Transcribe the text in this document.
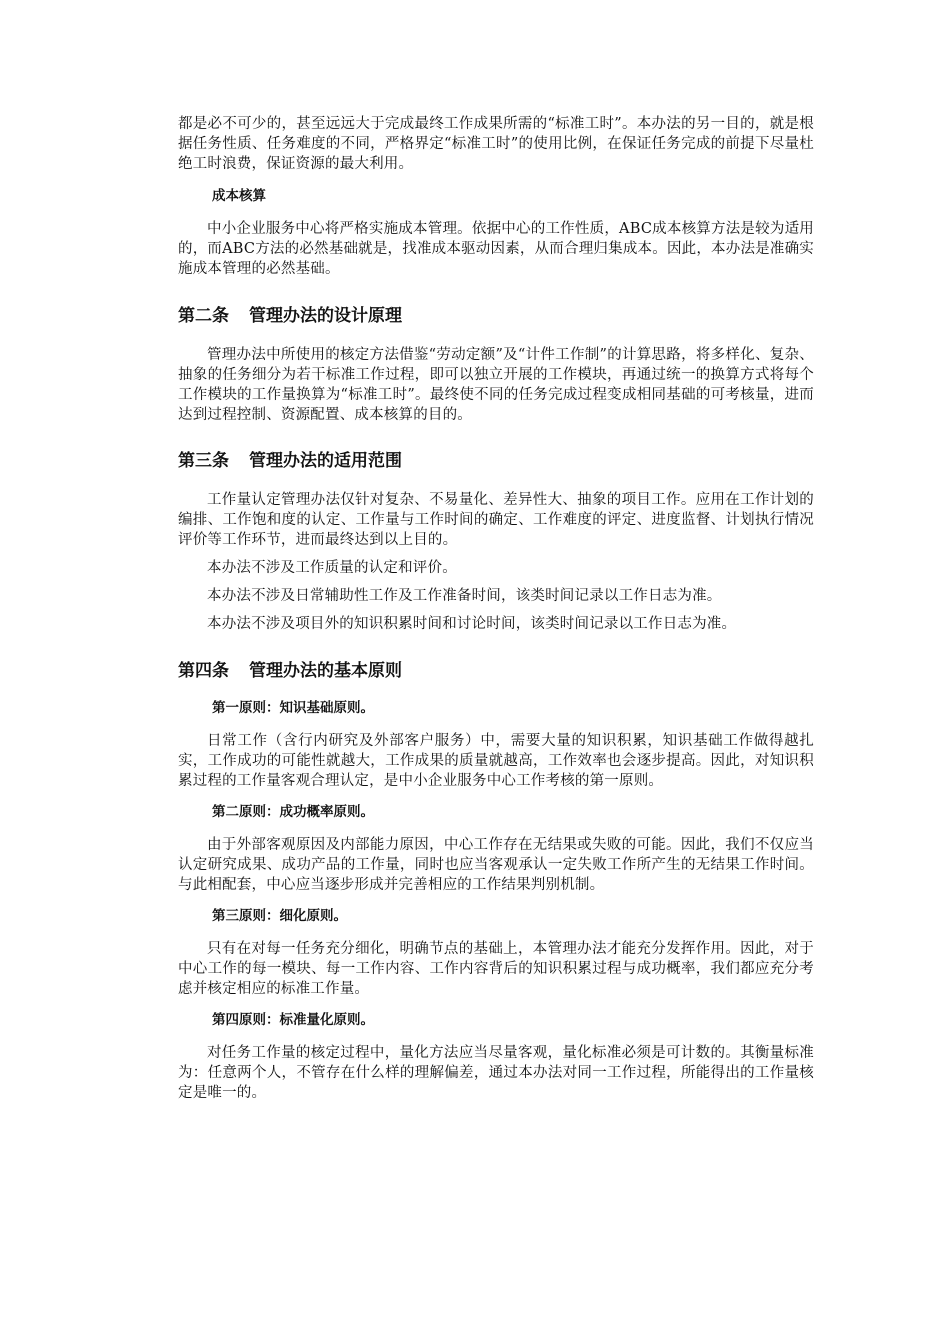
都是必不可少的，甚至远远大于完成最终工作成果所需的“标准工时”。本办法的另一目的，就是根据任务性质、任务难度的不同，严格界定“标准工时”的使用比例，在保证任务完成的前提下尽量杜绝工时浪费，保证资源的最大利用。

成本核算

中小企业服务中心将严格实施成本管理。依据中心的工作性质，ABC成本核算方法是较为适用的，而ABC方法的必然基础就是，找准成本驱动因素，从而合理归集成本。因此，本办法是准确实施成本管理的必然基础。

第二条 管理办法的设计原理

管理办法中所使用的核定方法借鉴“劳动定额”及“计件工作制”的计算思路，将多样化、复杂、抽象的任务细分为若干标准工作过程，即可以独立开展的工作模块，再通过统一的换算方式将每个工作模块的工作量换算为“标准工时”。最终使不同的任务完成过程变成相同基础的可考核量，进而达到过程控制、资源配置、成本核算的目的。

第三条 管理办法的适用范围

工作量认定管理办法仅针对复杂、不易量化、差异性大、抽象的项目工作。应用在工作计划的编排、工作饱和度的认定、工作量与工作时间的确定、工作难度的评定、进度监督、计划执行情况评价等工作环节，进而最终达到以上目的。

本办法不涉及工作质量的认定和评价。

本办法不涉及日常辅助性工作及工作准备时间，该类时间记录以工作日志为准。

本办法不涉及项目外的知识积累时间和讨论时间，该类时间记录以工作日志为准。

第四条 管理办法的基本原则

第一原则：知识基础原则。

日常工作（含行内研究及外部客户服务）中，需要大量的知识积累，知识基础工作做得越扎实，工作成功的可能性就越大，工作成果的质量就越高，工作效率也会逐步提高。因此，对知识积累过程的工作量客观合理认定，是中小企业服务中心工作考核的第一原则。

第二原则：成功概率原则。

由于外部客观原因及内部能力原因，中心工作存在无结果或失败的可能。因此，我们不仅应当认定研究成果、成功产品的工作量，同时也应当客观承认一定失败工作所产生的无结果工作时间。与此相配套，中心应当逐步形成并完善相应的工作结果判别机制。

第三原则：细化原则。

只有在对每一任务充分细化，明确节点的基础上，本管理办法才能充分发挥作用。因此，对于中心工作的每一模块、每一工作内容、工作内容背后的知识积累过程与成功概率，我们都应充分考虑并核定相应的标准工作量。

第四原则：标准量化原则。

对任务工作量的核定过程中，量化方法应当尽量客观，量化标准必须是可计数的。其衡量标准为：任意两个人，不管存在什么样的理解偏差，通过本办法对同一工作过程，所能得出的工作量核定是唯一的。
